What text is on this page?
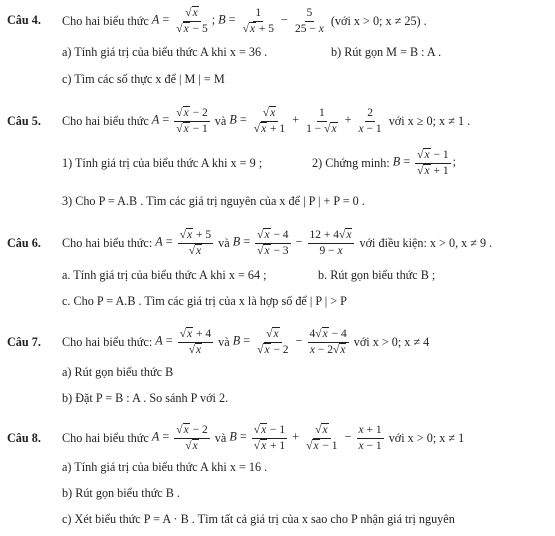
Câu 4. Cho hai biểu thức
$A = \frac{√x}{√x - 5}$ ; $B = \frac{1}{√x + 5} - \frac{5}{25 - x}$
(với x > 0; x ≠ 25) .
a) Tính giá trị của biểu thức A khi x = 36 .	b) Rút gọn M = B : A .
c) Tìm các số thực x để | M | = M
Câu 5. Cho hai biểu thức
$A = \frac{√x - 2}{√x - 1}$
và
$B = \frac{√x}{√x + 1} + \frac{1}{1 - √x} + \frac{2}{x - 1}$
với x ≥ 0; x ≠ 1 .
1) Tính giá trị của biểu thức A khi x = 9 ;	2) Chứng minh:
$B = \frac{√x - 1}{√x + 1}$ ;
3) Cho P = A.B . Tìm các giá trị nguyên của x để | P | + P = 0 .
Câu 6. Cho hai biểu thức:
$A = \frac{√x + 5}{√x}$
và
$B = \frac{√x - 4}{√x - 3} - \frac{12 + 4√x}{9 - x}$
với điều kiện: x > 0, x ≠ 9 .
a. Tính giá trị của biểu thức A khi x = 64 ;	b. Rút gọn biểu thức B ;
c. Cho P = A.B . Tìm các giá trị của x là hợp số để | P | > P
Câu 7. Cho hai biểu thức:
$A = \frac{√x + 4}{√x}$
và
$B = \frac{√x}{√x - 2} - \frac{4√x - 4}{x - 2√x}$
với x > 0; x ≠ 4
a) Rút gọn biểu thức B
b) Đặt P = B : A . So sánh P với 2.
Câu 8. Cho hai biểu thức
$A = \frac{√x - 2}{√x}$
và
$B = \frac{√x - 1}{√x + 1} + \frac{√x}{√x - 1} - \frac{x + 1}{x - 1}$
với x > 0; x ≠ 1
a) Tính giá trị của biểu thức A khi x = 16 .
b) Rút gọn biểu thức B .
c) Xét biểu thức P = A · B . Tìm tất cả giá trị của x sao cho P nhận giá trị nguyên
